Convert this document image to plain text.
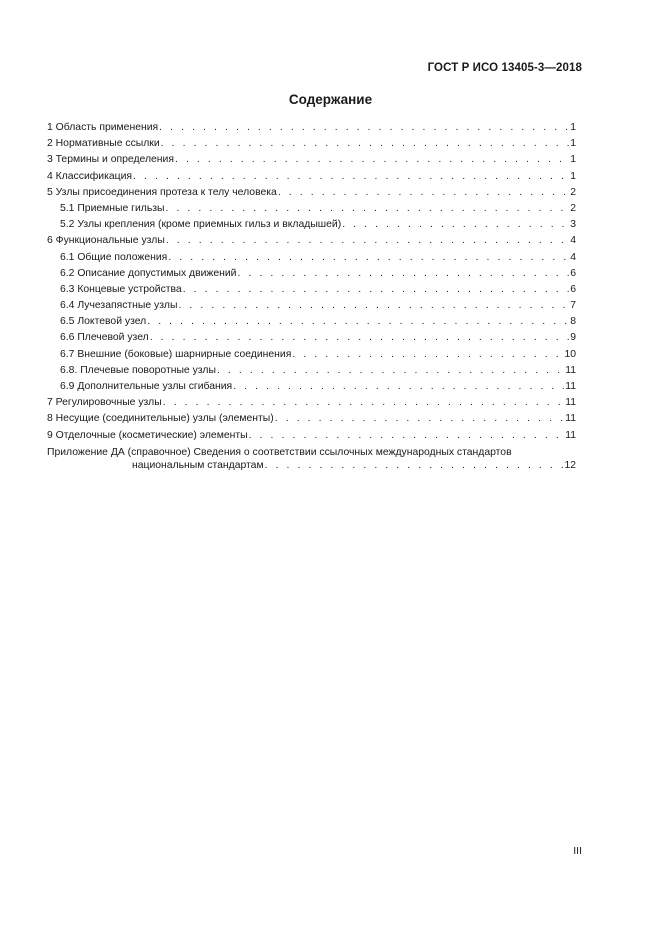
ГОСТ Р ИСО 13405-3—2018
Содержание
1 Область применения . . .	1
2 Нормативные ссылки . . .	1
3 Термины и определения . . .	1
4 Классификация . . .	1
5 Узлы присоединения протеза к телу человека . . .	2
5.1 Приемные гильзы . . .	2
5.2 Узлы крепления (кроме приемных гильз и вкладышей) . . .	3
6 Функциональные узлы . . .	4
6.1 Общие положения . . .	4
6.2 Описание допустимых движений . . .	6
6.3 Концевые устройства . . .	6
6.4 Лучезапястные узлы . . .	7
6.5 Локтевой узел . . .	8
6.6 Плечевой узел . . .	9
6.7 Внешние (боковые) шарнирные соединения . . .	10
6.8. Плечевые поворотные узлы . . .	11
6.9 Дополнительные узлы сгибания . . .	11
7 Регулировочные узлы . . .	11
8 Несущие (соединительные) узлы (элементы) . . .	11
9 Отделочные (косметические) элементы . . .	11
Приложение ДА (справочное) Сведения о соответствии ссылочных международных стандартов
национальным стандартам . . .	12
III
